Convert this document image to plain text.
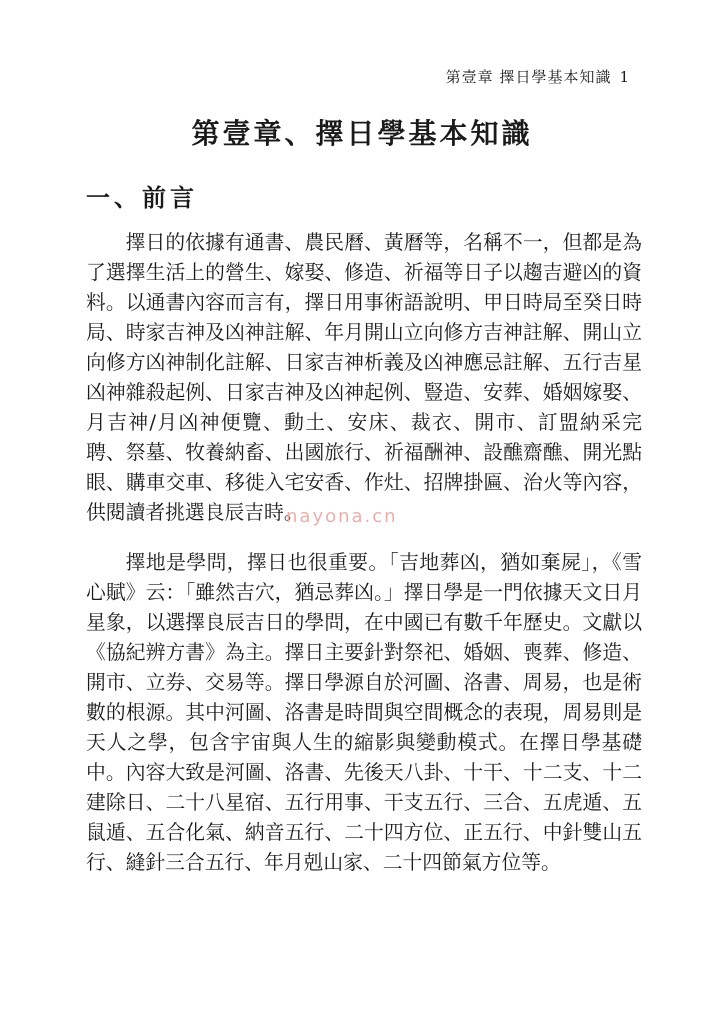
第壹章 擇日學基本知識 1
第壹章、擇日學基本知識
一、前言

擇日的依據有通書、農民曆、黃曆等，名稱不一，但都是為了選擇生活上的營生、嫁娶、修造、祈福等日子以趨吉避凶的資料。以通書內容而言有，擇日用事術語說明、甲日時局至癸日時局、時家吉神及凶神註解、年月開山立向修方吉神註解、開山立向修方凶神制化註解、日家吉神析義及凶神應忌註解、五行吉星凶神雜殺起例、日家吉神及凶神起例、豎造、安葬、婚姻嫁娶、月吉神/月凶神便覽、動土、安床、裁衣、開市、訂盟納采完聘、祭墓、牧養納畜、出國旅行、祈福酬神、設醮齋醮、開光點眼、購車交車、移徙入宅安香、作灶、招牌掛匾、治火等內容，供閱讀者挑選良辰吉時。

nayona.cn

擇地是學問，擇日也很重要。「吉地葬凶，猶如棄屍」，《雪心賦》云：「雖然吉穴，猶忌葬凶。」擇日學是一門依據天文日月星象，以選擇良辰吉日的學問，在中國已有數千年歷史。文獻以《協紀辨方書》為主。擇日主要針對祭祀、婚姻、喪葬、修造、開市、立券、交易等。擇日學源自於河圖、洛書、周易，也是術數的根源。其中河圖、洛書是時間與空間概念的表現，周易則是天人之學，包含宇宙與人生的縮影與變動模式。在擇日學基礎中。內容大致是河圖、洛書、先後天八卦、十干、十二支、十二建除日、二十八星宿、五行用事、干支五行、三合、五虎遁、五鼠遁、五合化氣、納音五行、二十四方位、正五行、中針雙山五行、縫針三合五行、年月剋山家、二十四節氣方位等。
